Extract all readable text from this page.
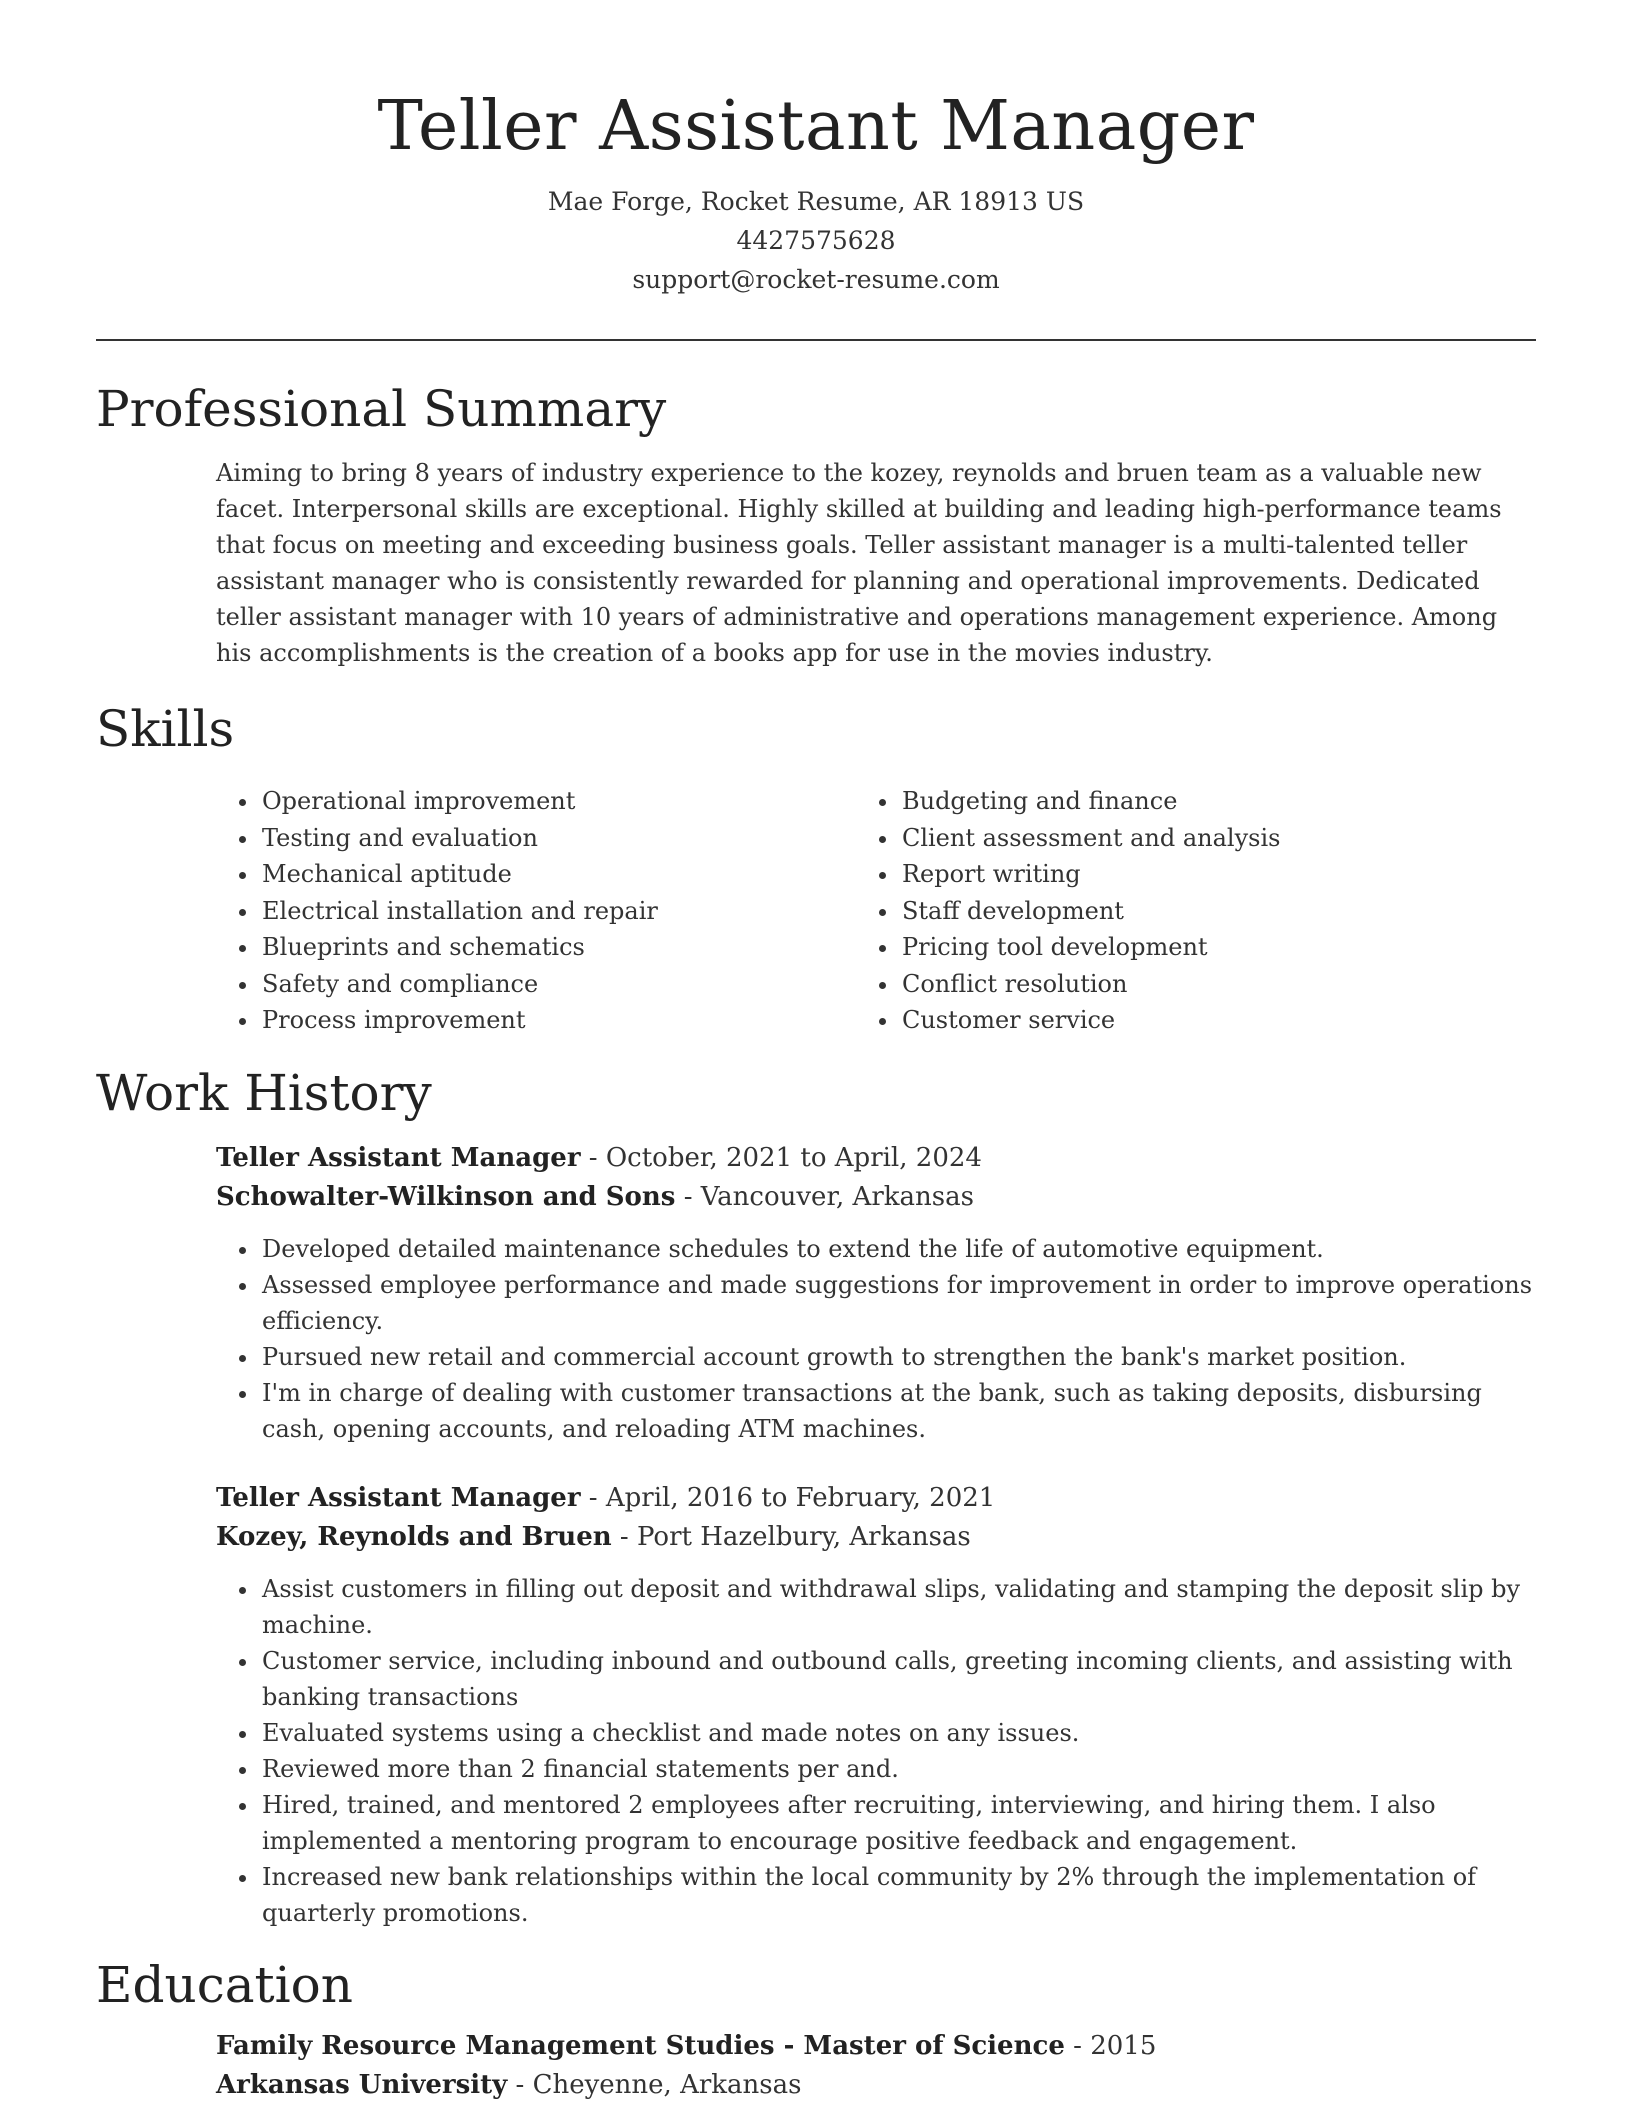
Teller Assistant Manager
Mae Forge, Rocket Resume, AR 18913 US
4427575628
support@rocket-resume.com
Professional Summary
Aiming to bring 8 years of industry experience to the kozey, reynolds and bruen team as a valuable new facet. Interpersonal skills are exceptional. Highly skilled at building and leading high-performance teams that focus on meeting and exceeding business goals. Teller assistant manager is a multi-talented teller assistant manager who is consistently rewarded for planning and operational improvements. Dedicated teller assistant manager with 10 years of administrative and operations management experience. Among his accomplishments is the creation of a books app for use in the movies industry.
Skills
• Operational improvement
• Testing and evaluation
• Mechanical aptitude
• Electrical installation and repair
• Blueprints and schematics
• Safety and compliance
• Process improvement
• Budgeting and finance
• Client assessment and analysis
• Report writing
• Staff development
• Pricing tool development
• Conflict resolution
• Customer service
Work History
Teller Assistant Manager - October, 2021 to April, 2024
Schowalter-Wilkinson and Sons - Vancouver, Arkansas
• Developed detailed maintenance schedules to extend the life of automotive equipment.
• Assessed employee performance and made suggestions for improvement in order to improve operations efficiency.
• Pursued new retail and commercial account growth to strengthen the bank's market position.
• I'm in charge of dealing with customer transactions at the bank, such as taking deposits, disbursing cash, opening accounts, and reloading ATM machines.
Teller Assistant Manager - April, 2016 to February, 2021
Kozey, Reynolds and Bruen - Port Hazelbury, Arkansas
• Assist customers in filling out deposit and withdrawal slips, validating and stamping the deposit slip by machine.
• Customer service, including inbound and outbound calls, greeting incoming clients, and assisting with banking transactions
• Evaluated systems using a checklist and made notes on any issues.
• Reviewed more than 2 financial statements per and.
• Hired, trained, and mentored 2 employees after recruiting, interviewing, and hiring them. I also implemented a mentoring program to encourage positive feedback and engagement.
• Increased new bank relationships within the local community by 2% through the implementation of quarterly promotions.
Education
Family Resource Management Studies - Master of Science - 2015
Arkansas University - Cheyenne, Arkansas
